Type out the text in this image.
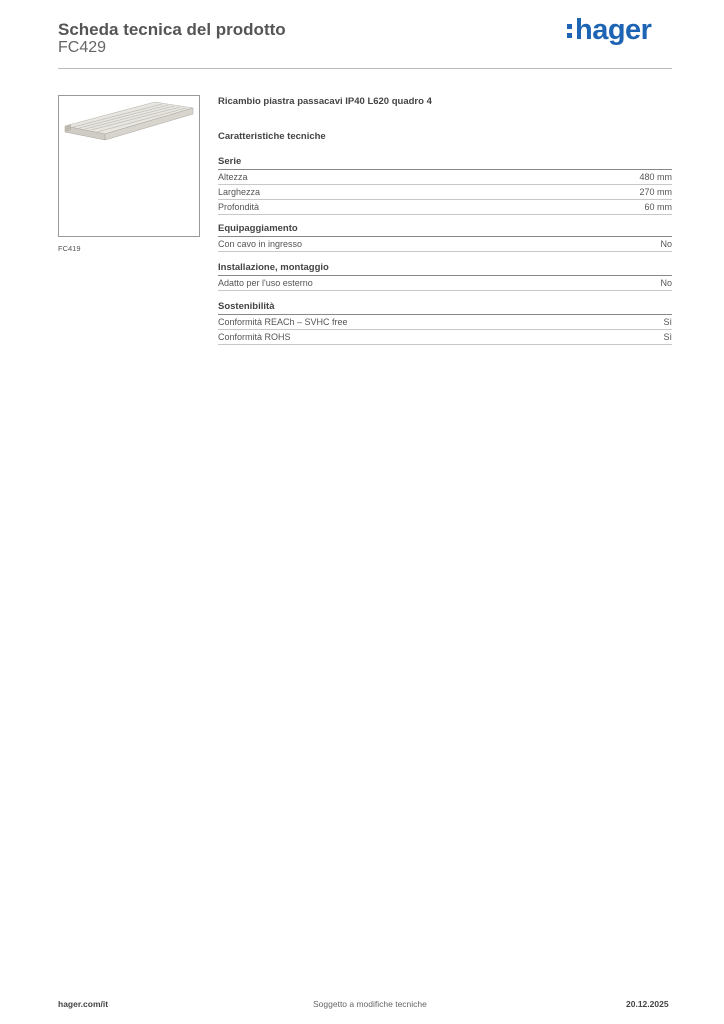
Scheda tecnica del prodotto
FC429
hager
FC419
Ricambio piastra passacavi IP40 L620 quadro 4
Caratteristiche tecniche
Serie
Altezza	480 mm
Larghezza	270 mm
Profondità	60 mm
Equipaggiamento
Con cavo in ingresso	No
Installazione, montaggio
Adatto per l'uso esterno	No
Sostenibilità
Conformità REACh – SVHC free	Sì
Conformità ROHS	Sì
hager.com/it	Soggetto a modifiche tecniche	20.12.2025
